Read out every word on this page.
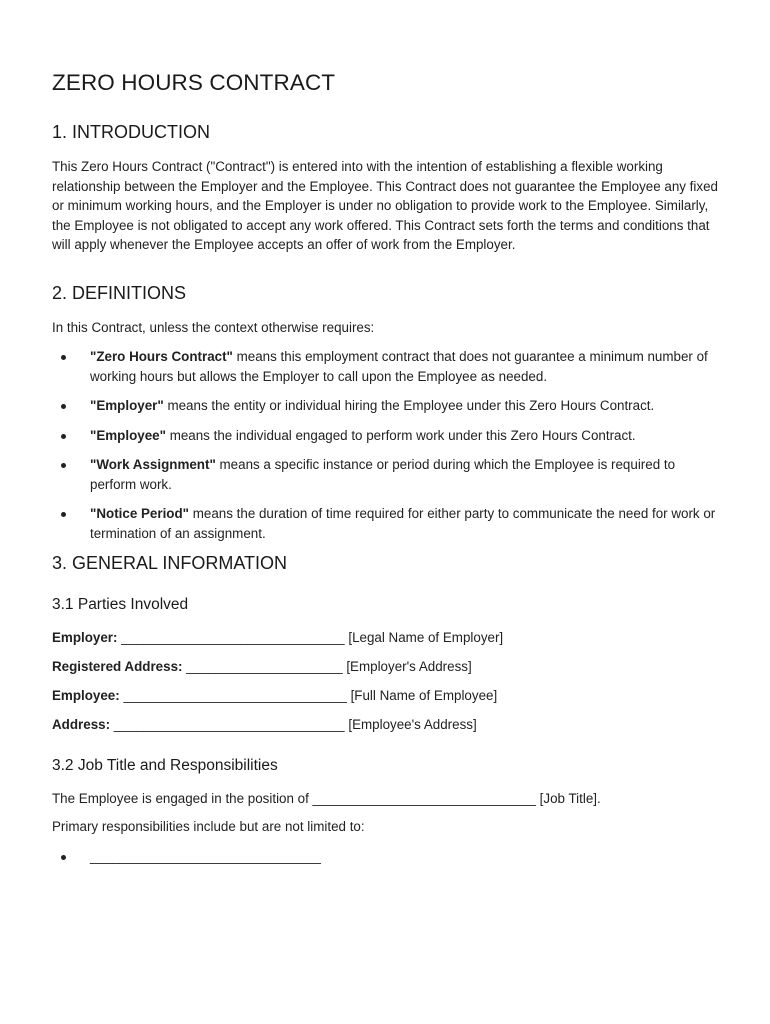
ZERO HOURS CONTRACT
1. INTRODUCTION

This Zero Hours Contract ("Contract") is entered into with the intention of establishing a flexible working relationship between the Employer and the Employee. This Contract does not guarantee the Employee any fixed or minimum working hours, and the Employer is under no obligation to provide work to the Employee. Similarly, the Employee is not obligated to accept any work offered. This Contract sets forth the terms and conditions that will apply whenever the Employee accepts an offer of work from the Employer.

2. DEFINITIONS

In this Contract, unless the context otherwise requires:

"Zero Hours Contract" means this employment contract that does not guarantee a minimum number of working hours but allows the Employer to call upon the Employee as needed.
"Employer" means the entity or individual hiring the Employee under this Zero Hours Contract.
"Employee" means the individual engaged to perform work under this Zero Hours Contract.
"Work Assignment" means a specific instance or period during which the Employee is required to perform work.
"Notice Period" means the duration of time required for either party to communicate the need for work or termination of an assignment.
3. GENERAL INFORMATION
3.1 Parties Involved
Employer: ______________________________ [Legal Name of Employer]
Registered Address: _____________________ [Employer's Address]
Employee: ______________________________ [Full Name of Employee]
Address: _______________________________ [Employee's Address]
3.2 Job Title and Responsibilities

The Employee is engaged in the position of ______________________________ [Job Title].

Primary responsibilities include but are not limited to:

_______________________________
